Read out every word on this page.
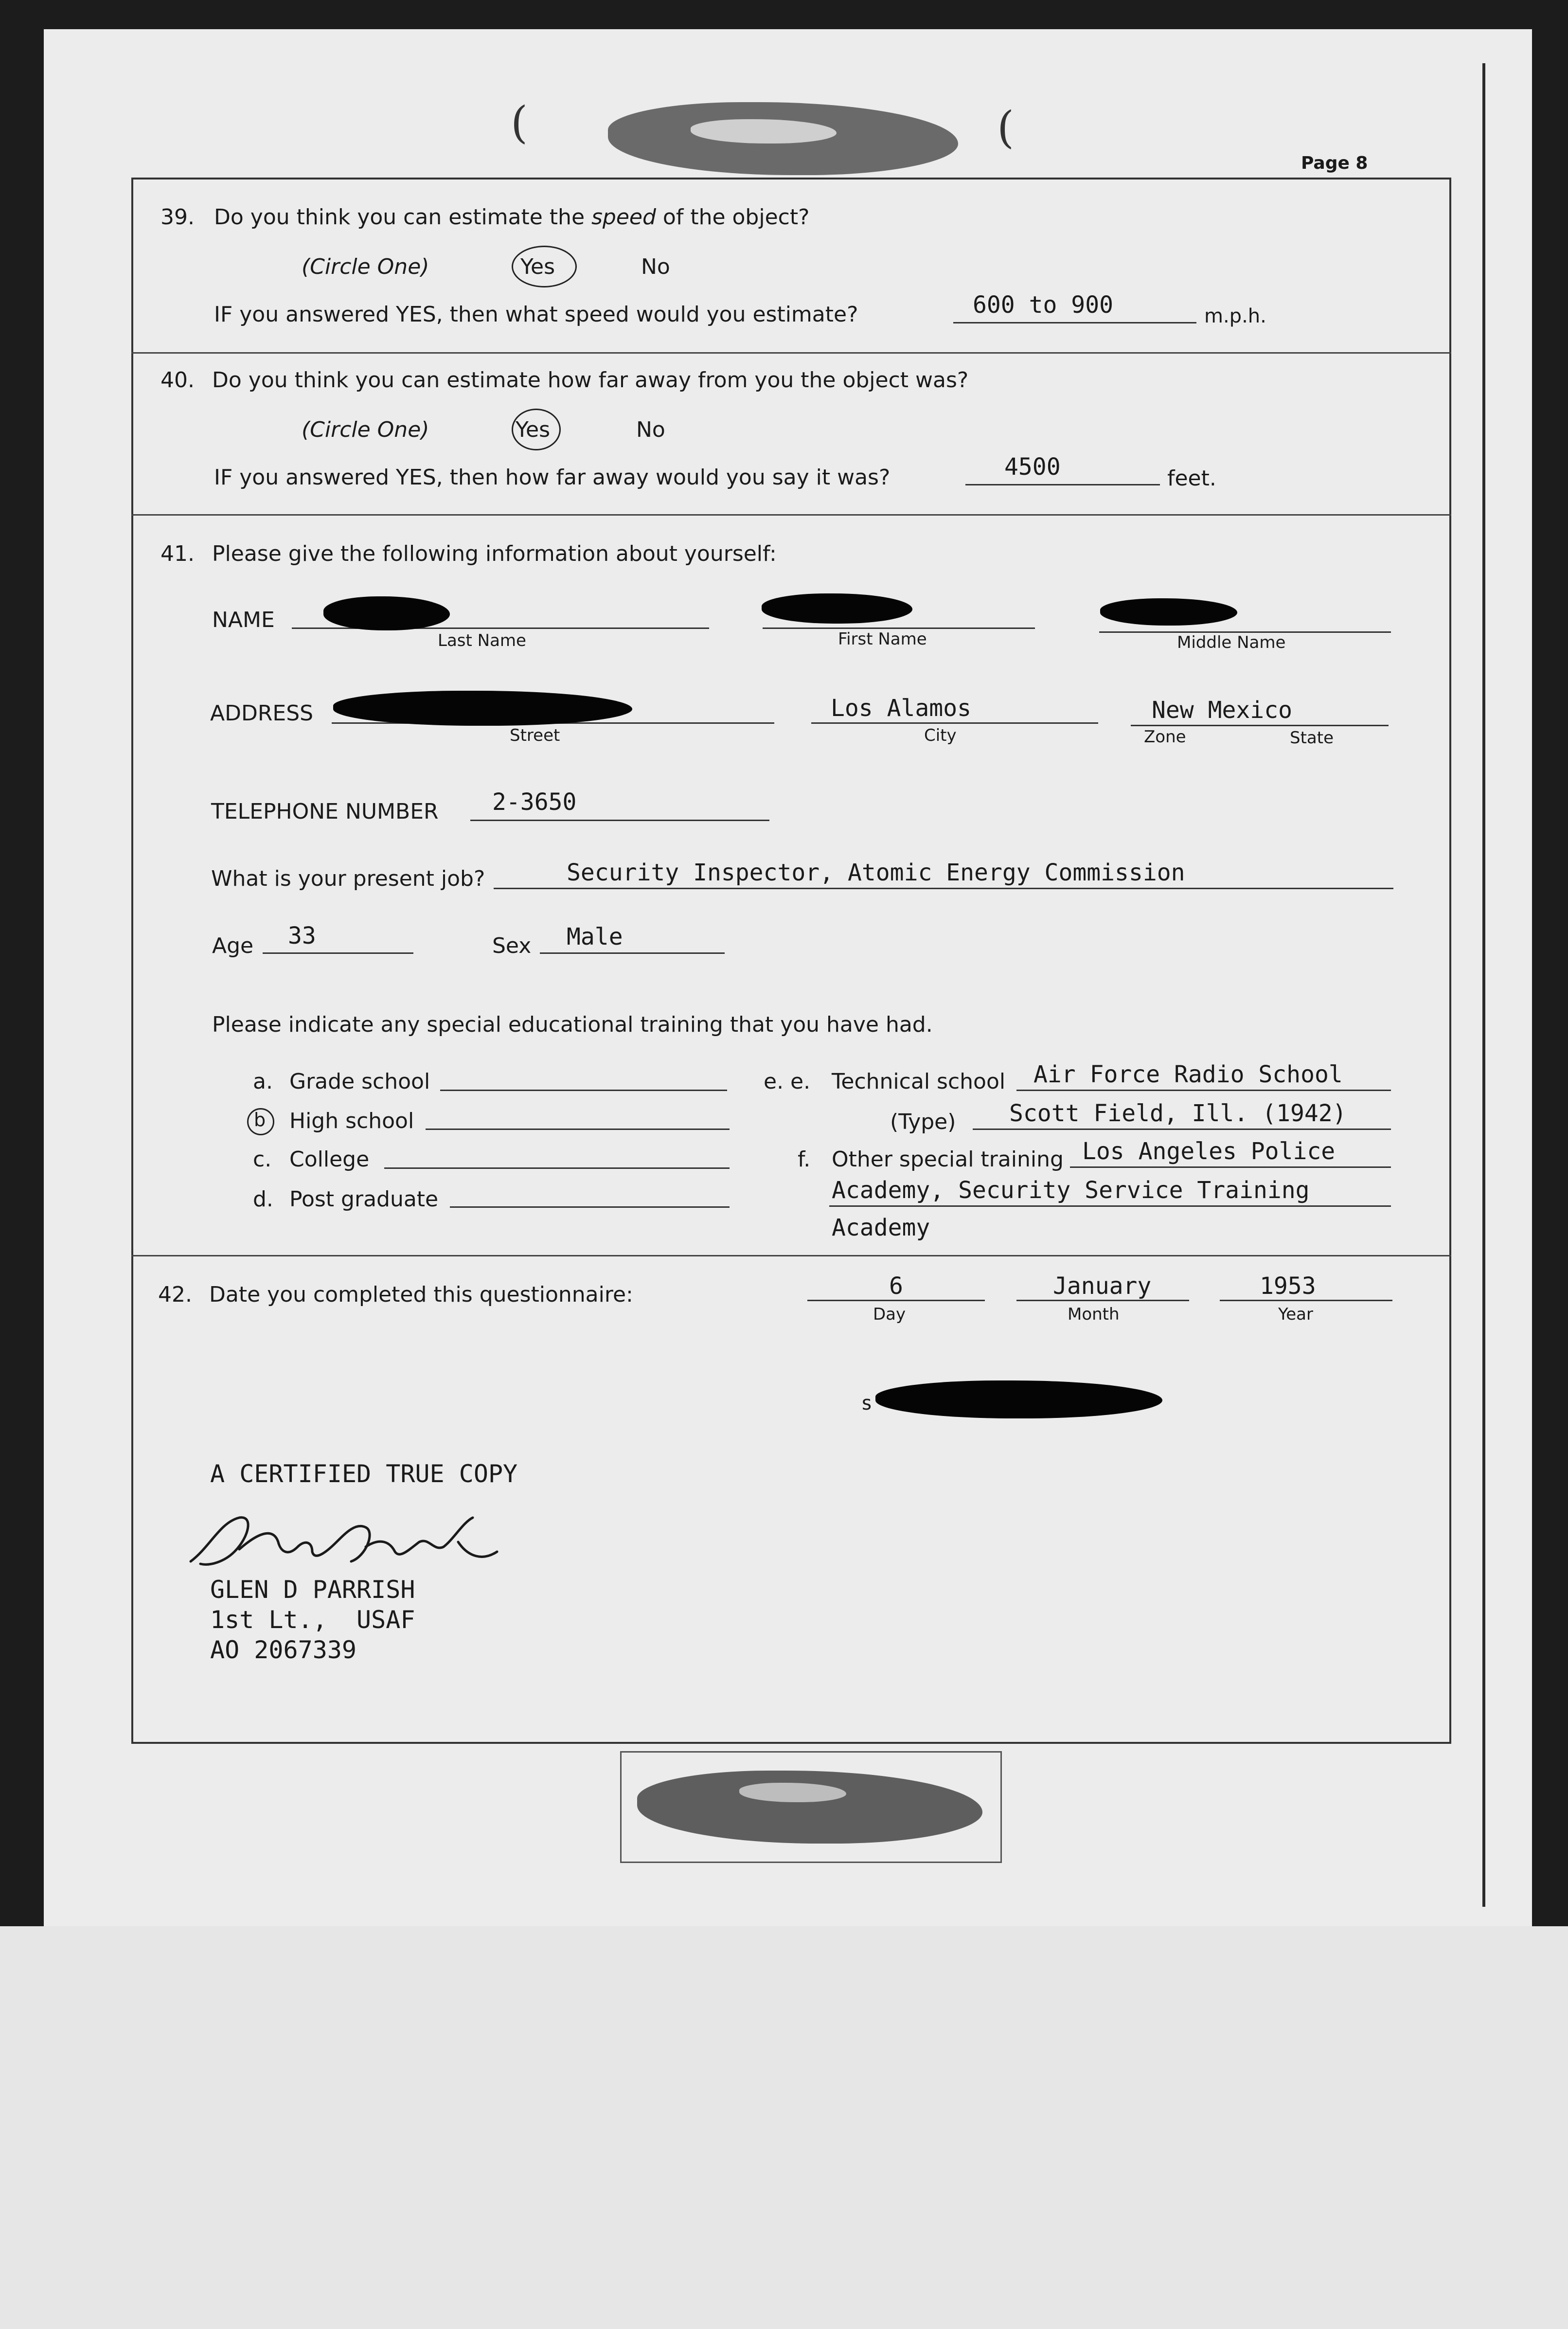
(	(
Page 8
39. Do you think you can estimate the speed of the object?
(Circle One)	Yes	No
IF you answered YES, then what speed would you estimate?	600 to 900	m.p.h.
40. Do you think you can estimate how far away from you the object was?
(Circle One)	Yes	No
IF you answered YES, then how far away would you say it was?	4500	feet.
41. Please give the following information about yourself:
NAME
Last Name	First Name	Middle Name
ADDRESS
Street
Los Alamos
City
New Mexico
Zone	State
TELEPHONE NUMBER 2-3650
What is your present job?	Security Inspector, Atomic Energy Commission
Age 33	Sex Male
Please indicate any special educational training that you have had.
a. Grade school
b High school
c. College
d. Post graduate
e. e. Technical school Air Force Radio School
(Type) Scott Field, Ill. (1942)
f. Other special training Los Angeles Police
Academy, Security Service Training
Academy
42. Date you completed this questionnaire:	6
Day
January
Month
1953
Year
s
A CERTIFIED TRUE COPY
GLEN D PARRISH
1st Lt.,  USAF
AO 2067339
